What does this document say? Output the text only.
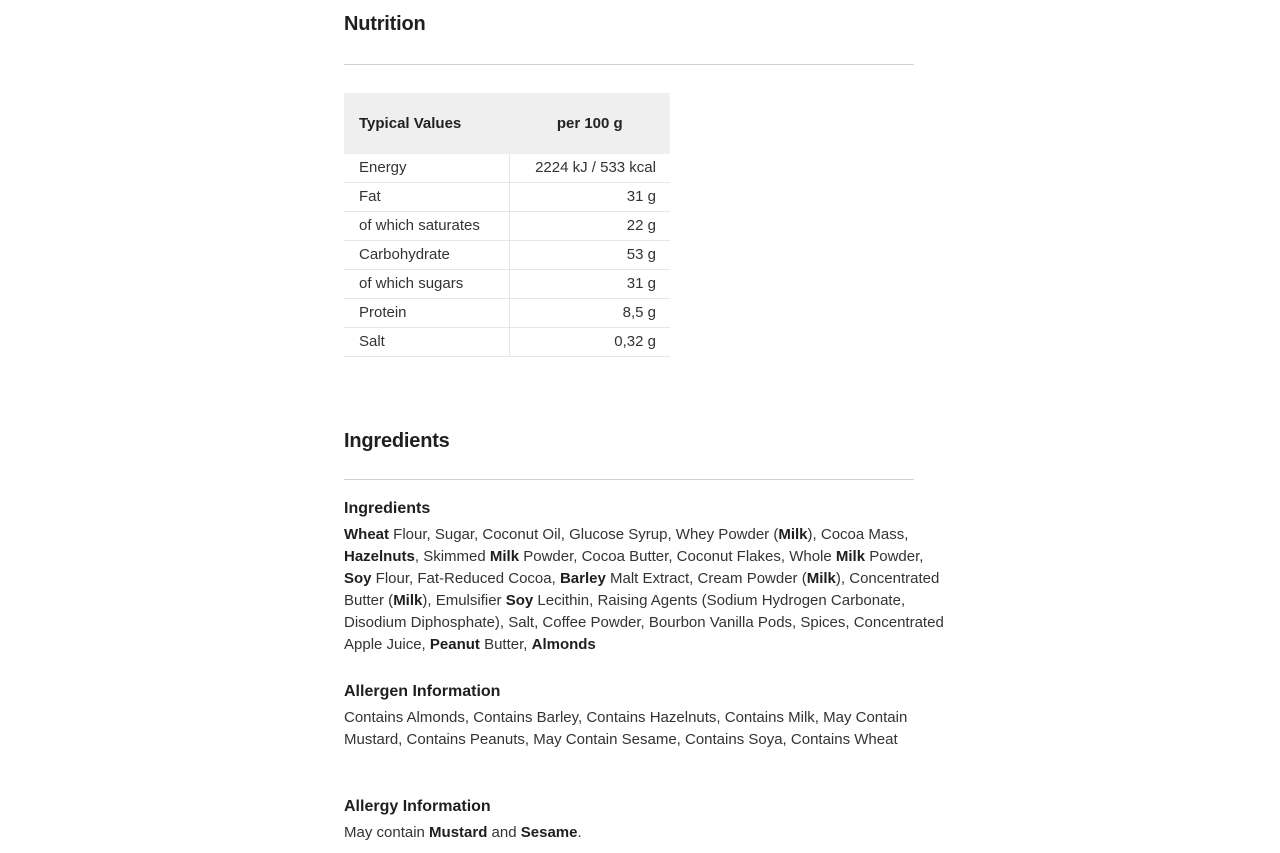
Nutrition
Typical Values	per 100 g
Energy	2224 kJ / 533 kcal
Fat	31 g
of which saturates	22 g
Carbohydrate	53 g
of which sugars	31 g
Protein	8,5 g
Salt	0,32 g
Ingredients
Ingredients

Wheat Flour, Sugar, Coconut Oil, Glucose Syrup, Whey Powder (Milk), Cocoa Mass, Hazelnuts, Skimmed Milk Powder, Cocoa Butter, Coconut Flakes, Whole Milk Powder, Soy Flour, Fat-Reduced Cocoa, Barley Malt Extract, Cream Powder (Milk), Concentrated Butter (Milk), Emulsifier Soy Lecithin, Raising Agents (Sodium Hydrogen Carbonate, Disodium Diphosphate), Salt, Coffee Powder, Bourbon Vanilla Pods, Spices, Concentrated Apple Juice, Peanut Butter, Almonds

Allergen Information

Contains Almonds, Contains Barley, Contains Hazelnuts, Contains Milk, May Contain Mustard, Contains Peanuts, May Contain Sesame, Contains Soya, Contains Wheat

Allergy Information

May contain Mustard and Sesame.
